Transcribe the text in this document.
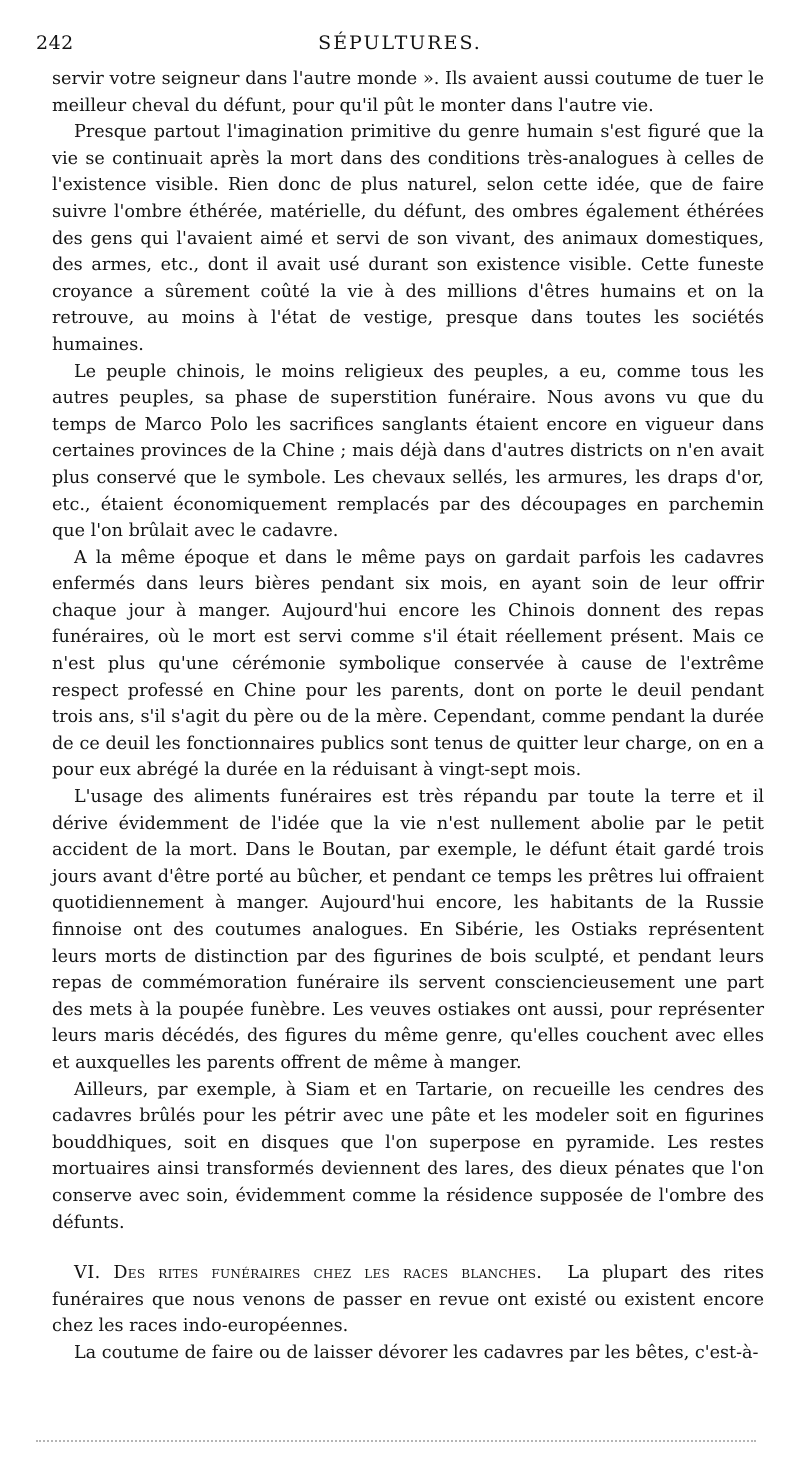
242	SÉPULTURES.

servir votre seigneur dans l'autre monde ». Ils avaient aussi coutume de tuer le meilleur cheval du défunt, pour qu'il pût le monter dans l'autre vie.

Presque partout l'imagination primitive du genre humain s'est figuré que la vie se continuait après la mort dans des conditions très-analogues à celles de l'existence visible. Rien donc de plus naturel, selon cette idée, que de faire suivre l'ombre éthérée, matérielle, du défunt, des ombres également éthérées des gens qui l'avaient aimé et servi de son vivant, des animaux domestiques, des armes, etc., dont il avait usé durant son existence visible. Cette funeste croyance a sûrement coûté la vie à des millions d'êtres humains et on la retrouve, au moins à l'état de vestige, presque dans toutes les sociétés humaines.

Le peuple chinois, le moins religieux des peuples, a eu, comme tous les autres peuples, sa phase de superstition funéraire. Nous avons vu que du temps de Marco Polo les sacrifices sanglants étaient encore en vigueur dans certaines provinces de la Chine ; mais déjà dans d'autres districts on n'en avait plus conservé que le symbole. Les chevaux sellés, les armures, les draps d'or, etc., étaient économiquement remplacés par des découpages en parchemin que l'on brûlait avec le cadavre.

A la même époque et dans le même pays on gardait parfois les cadavres enfermés dans leurs bières pendant six mois, en ayant soin de leur offrir chaque jour à manger. Aujourd'hui encore les Chinois donnent des repas funéraires, où le mort est servi comme s'il était réellement présent. Mais ce n'est plus qu'une cérémonie symbolique conservée à cause de l'extrême respect professé en Chine pour les parents, dont on porte le deuil pendant trois ans, s'il s'agit du père ou de la mère. Cependant, comme pendant la durée de ce deuil les fonctionnaires publics sont tenus de quitter leur charge, on en a pour eux abrégé la durée en la réduisant à vingt-sept mois.

L'usage des aliments funéraires est très répandu par toute la terre et il dérive évidemment de l'idée que la vie n'est nullement abolie par le petit accident de la mort. Dans le Boutan, par exemple, le défunt était gardé trois jours avant d'être porté au bûcher, et pendant ce temps les prêtres lui offraient quotidiennement à manger. Aujourd'hui encore, les habitants de la Russie finnoise ont des coutumes analogues. En Sibérie, les Ostiaks représentent leurs morts de distinction par des figurines de bois sculpté, et pendant leurs repas de commémoration funéraire ils servent consciencieusement une part des mets à la poupée funèbre. Les veuves ostiakes ont aussi, pour représenter leurs maris décédés, des figures du même genre, qu'elles couchent avec elles et auxquelles les parents offrent de même à manger.

Ailleurs, par exemple, à Siam et en Tartarie, on recueille les cendres des cadavres brûlés pour les pétrir avec une pâte et les modeler soit en figurines bouddhiques, soit en disques que l'on superpose en pyramide. Les restes mortuaires ainsi transformés deviennent des lares, des dieux pénates que l'on conserve avec soin, évidemment comme la résidence supposée de l'ombre des défunts.

VI. Des rites funéraires chez les races blanches. La plupart des rites funéraires que nous venons de passer en revue ont existé ou existent encore chez les races indo-européennes.

La coutume de faire ou de laisser dévorer les cadavres par les bêtes, c'est-à-
